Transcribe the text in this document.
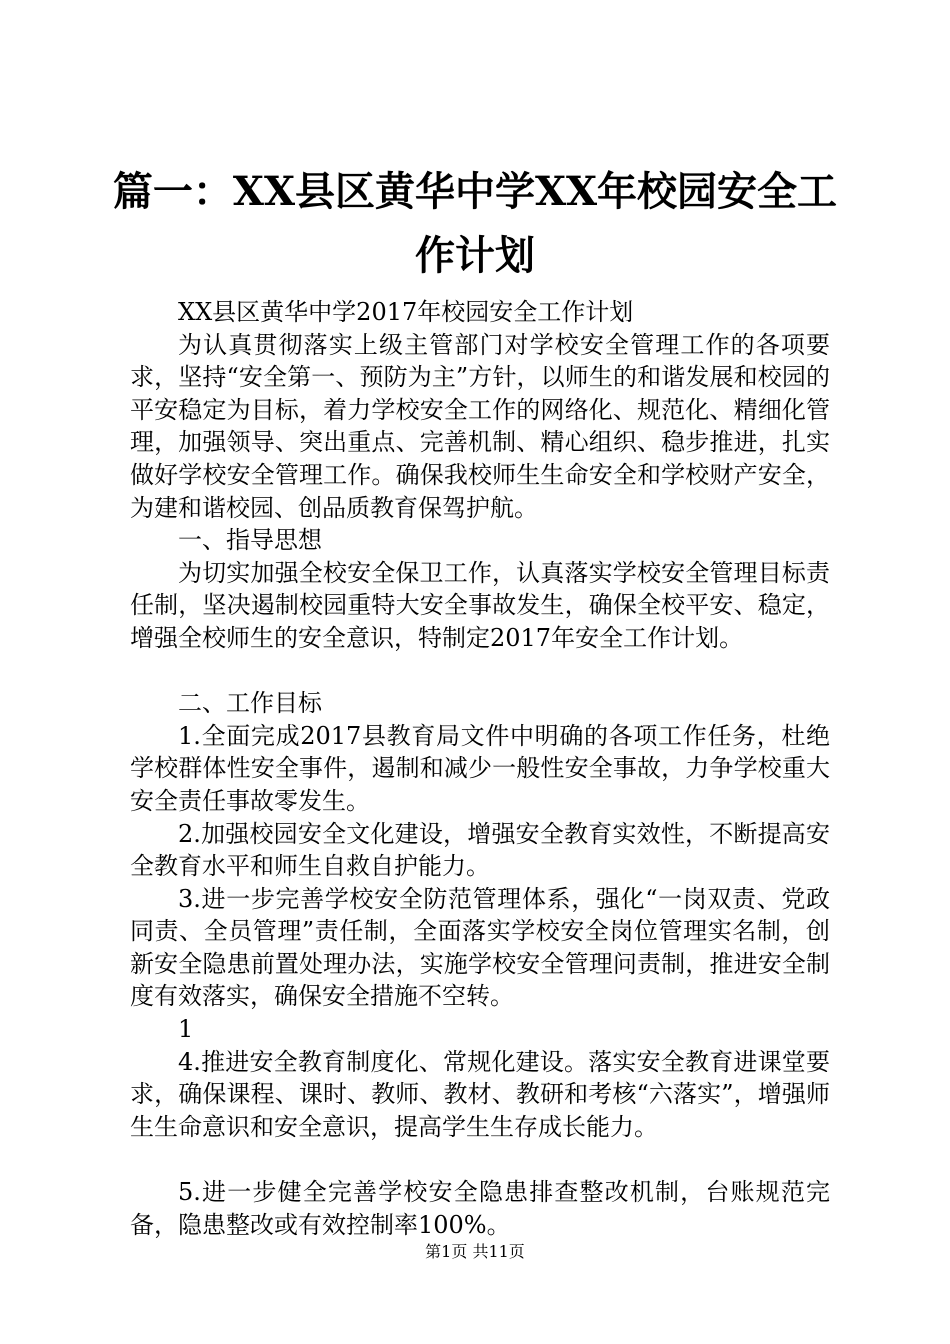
篇一：XX县区黄华中学XX年校园安全工作计划

XX县区黄华中学2017年校园安全工作计划

为认真贯彻落实上级主管部门对学校安全管理工作的各项要求，坚持“安全第一、预防为主”方针，以师生的和谐发展和校园的平安稳定为目标，着力学校安全工作的网络化、规范化、精细化管理，加强领导、突出重点、完善机制、精心组织、稳步推进，扎实做好学校安全管理工作。确保我校师生生命安全和学校财产安全，为建和谐校园、创品质教育保驾护航。

一、指导思想

为切实加强全校安全保卫工作，认真落实学校安全管理目标责任制，坚决遏制校园重特大安全事故发生，确保全校平安、稳定，增强全校师生的安全意识，特制定2017年安全工作计划。

二、工作目标

1.全面完成2017县教育局文件中明确的各项工作任务，杜绝学校群体性安全事件，遏制和减少一般性安全事故，力争学校重大安全责任事故零发生。

2.加强校园安全文化建设，增强安全教育实效性，不断提高安全教育水平和师生自救自护能力。

3.进一步完善学校安全防范管理体系，强化“一岗双责、党政同责、全员管理”责任制，全面落实学校安全岗位管理实名制，创新安全隐患前置处理办法，实施学校安全管理问责制，推进安全制度有效落实，确保安全措施不空转。

1

4.推进安全教育制度化、常规化建设。落实安全教育进课堂要求，确保课程、课时、教师、教材、教研和考核“六落实”，增强师生生命意识和安全意识，提高学生生存成长能力。

5.进一步健全完善学校安全隐患排查整改机制，台账规范完备，隐患整改或有效控制率100%。

第1页 共11页
